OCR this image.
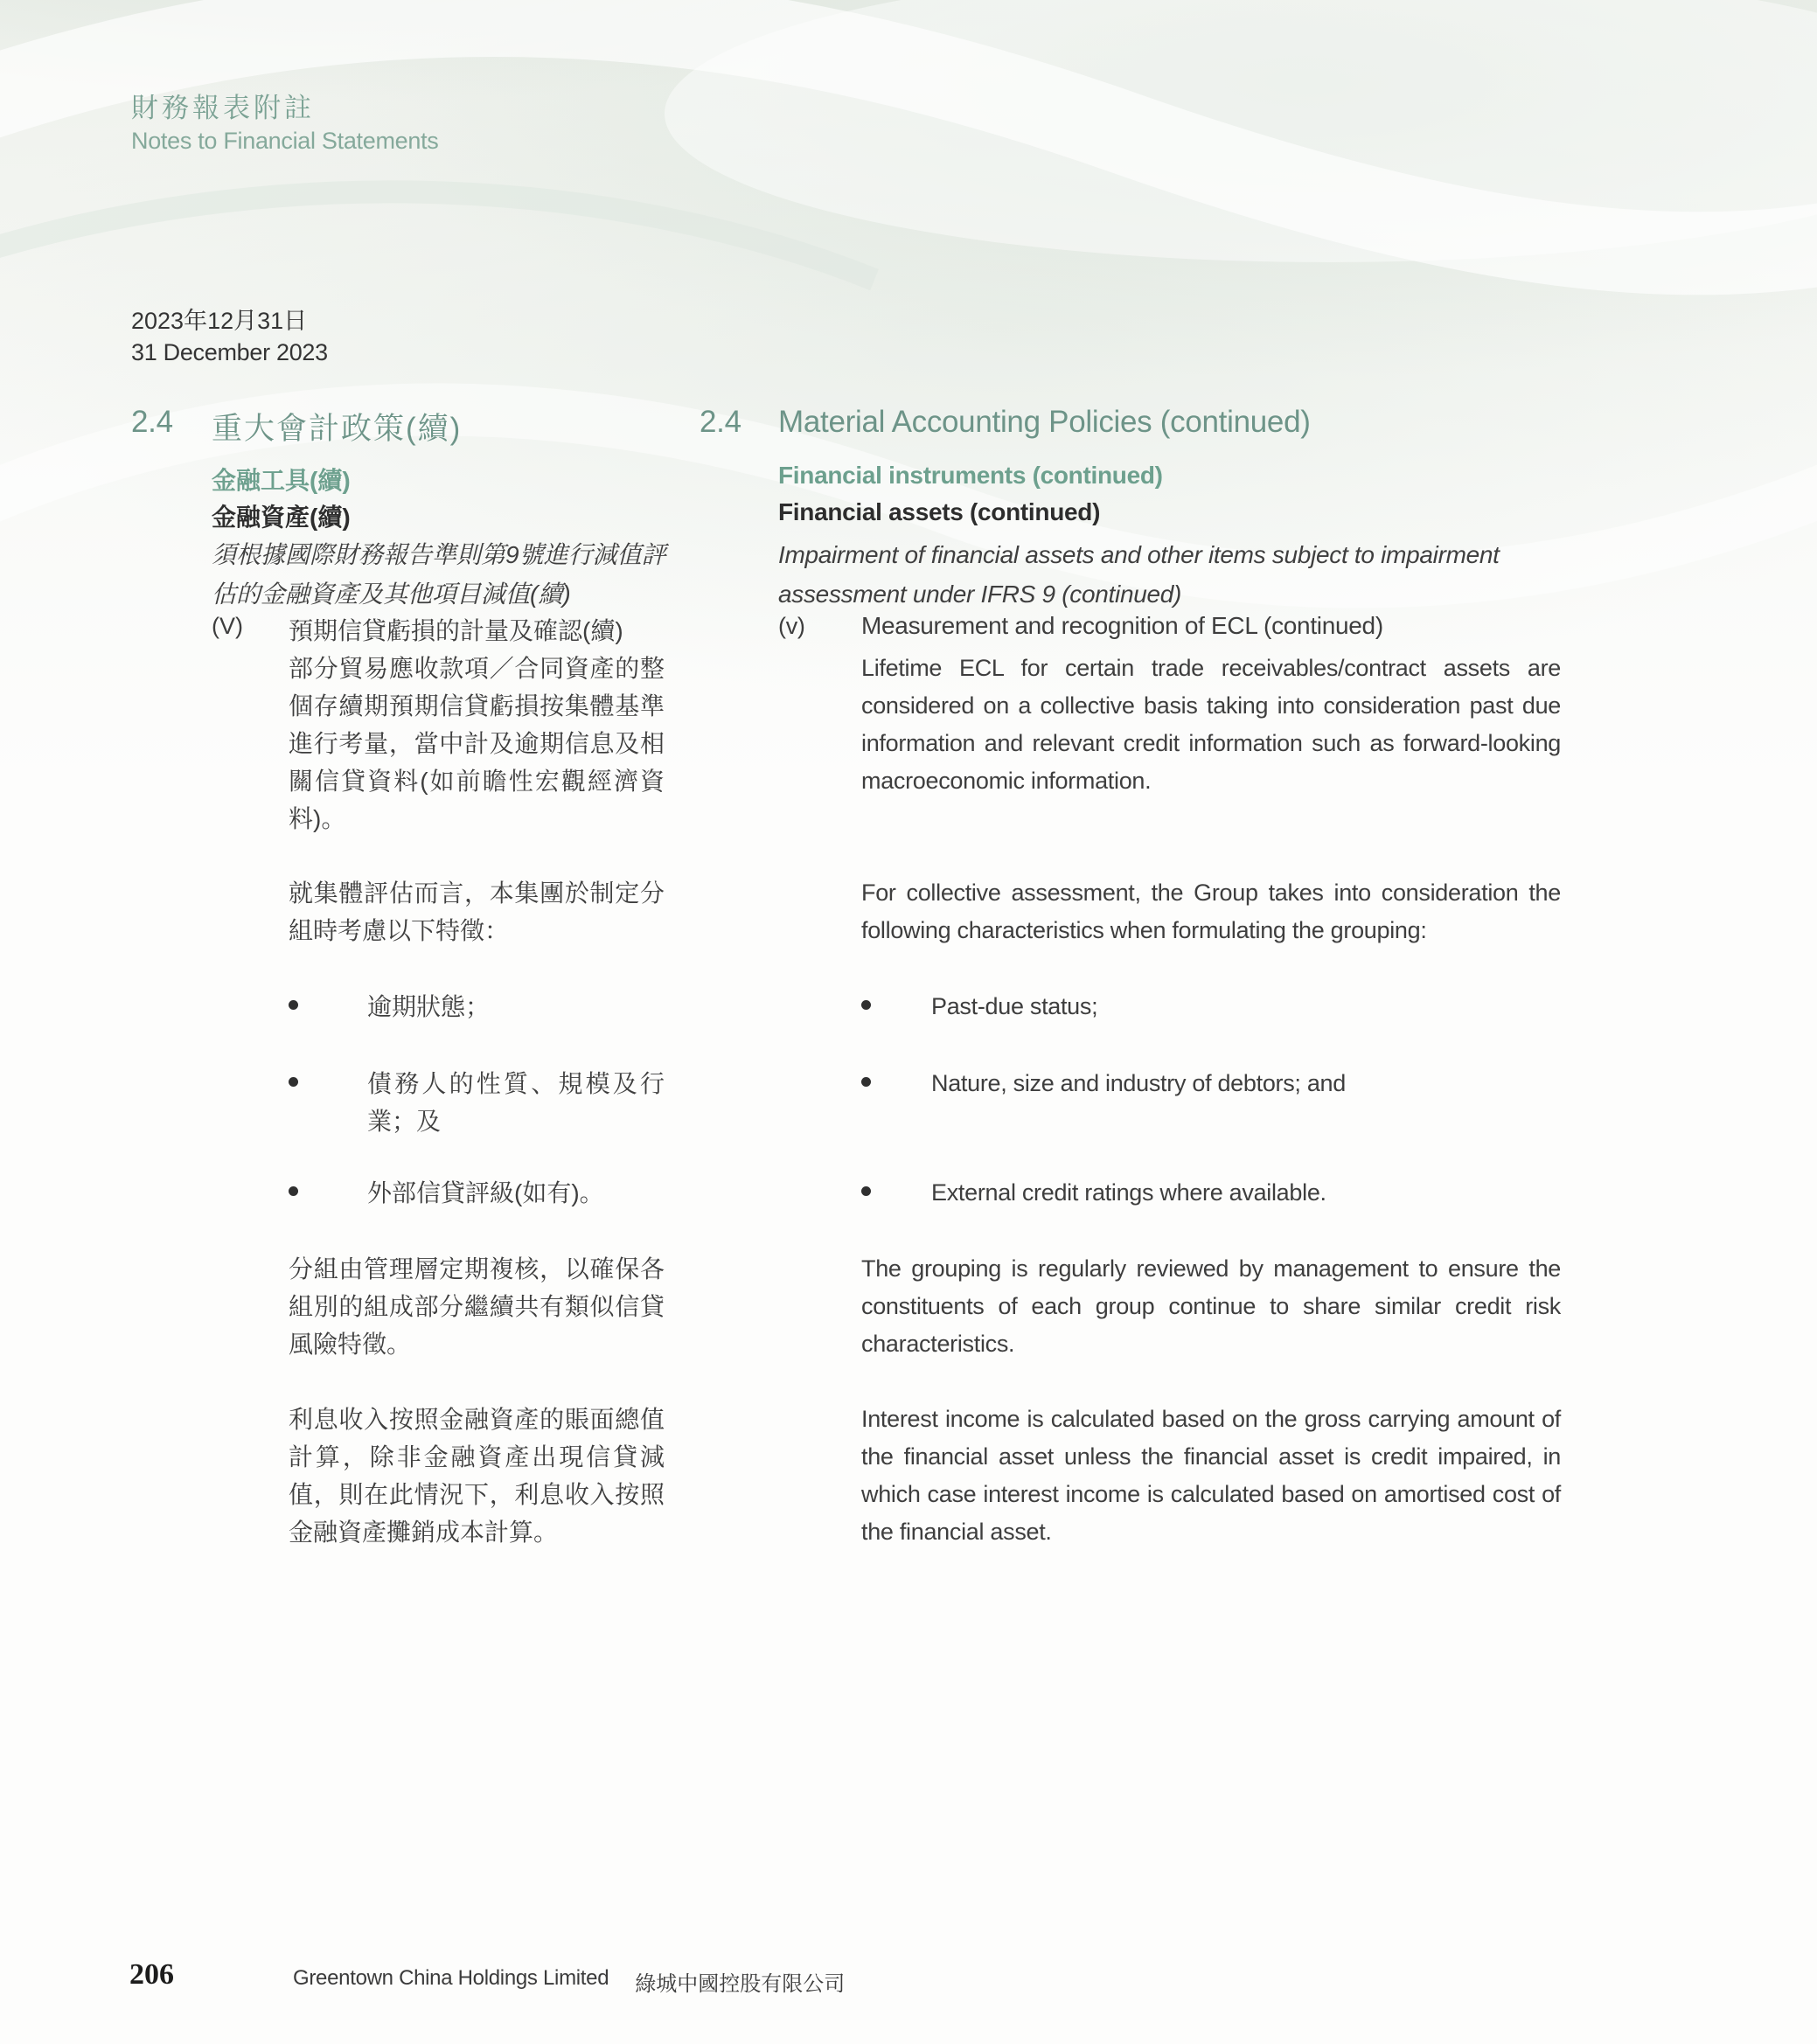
財務報表附註
Notes to Financial Statements
2023年12月31日
31 December 2023
2.4 重大會計政策(續)	2.4 Material Accounting Policies (continued)
金融工具(續)	Financial instruments (continued)
金融資產(續)	Financial assets (continued)
須根據國際財務報告準則第9號進行減值評估的金融資產及其他項目減值(續)
Impairment of financial assets and other items subject to impairment assessment under IFRS 9 (continued)
(V) 預期信貸虧損的計量及確認(續)	(v) Measurement and recognition of ECL (continued)
部分貿易應收款項／合同資產的整個存續期預期信貸虧損按集體基準進行考量，當中計及逾期信息及相關信貸資料(如前瞻性宏觀經濟資料)。
Lifetime ECL for certain trade receivables/contract assets are considered on a collective basis taking into consideration past due information and relevant credit information such as forward-looking macroeconomic information.
就集體評估而言，本集團於制定分組時考慮以下特徵：
For collective assessment, the Group takes into consideration the following characteristics when formulating the grouping:
逾期狀態；
債務人的性質、規模及行業；及
外部信貸評級(如有)。
Past-due status;
Nature, size and industry of debtors; and
External credit ratings where available.
分組由管理層定期複核，以確保各組別的組成部分繼續共有類似信貸風險特徵。
The grouping is regularly reviewed by management to ensure the constituents of each group continue to share similar credit risk characteristics.
利息收入按照金融資產的賬面總值計算，除非金融資產出現信貸減值，則在此情況下，利息收入按照金融資產攤銷成本計算。
Interest income is calculated based on the gross carrying amount of the financial asset unless the financial asset is credit impaired, in which case interest income is calculated based on amortised cost of the financial asset.
206	Greentown China Holdings Limited 綠城中國控股有限公司
